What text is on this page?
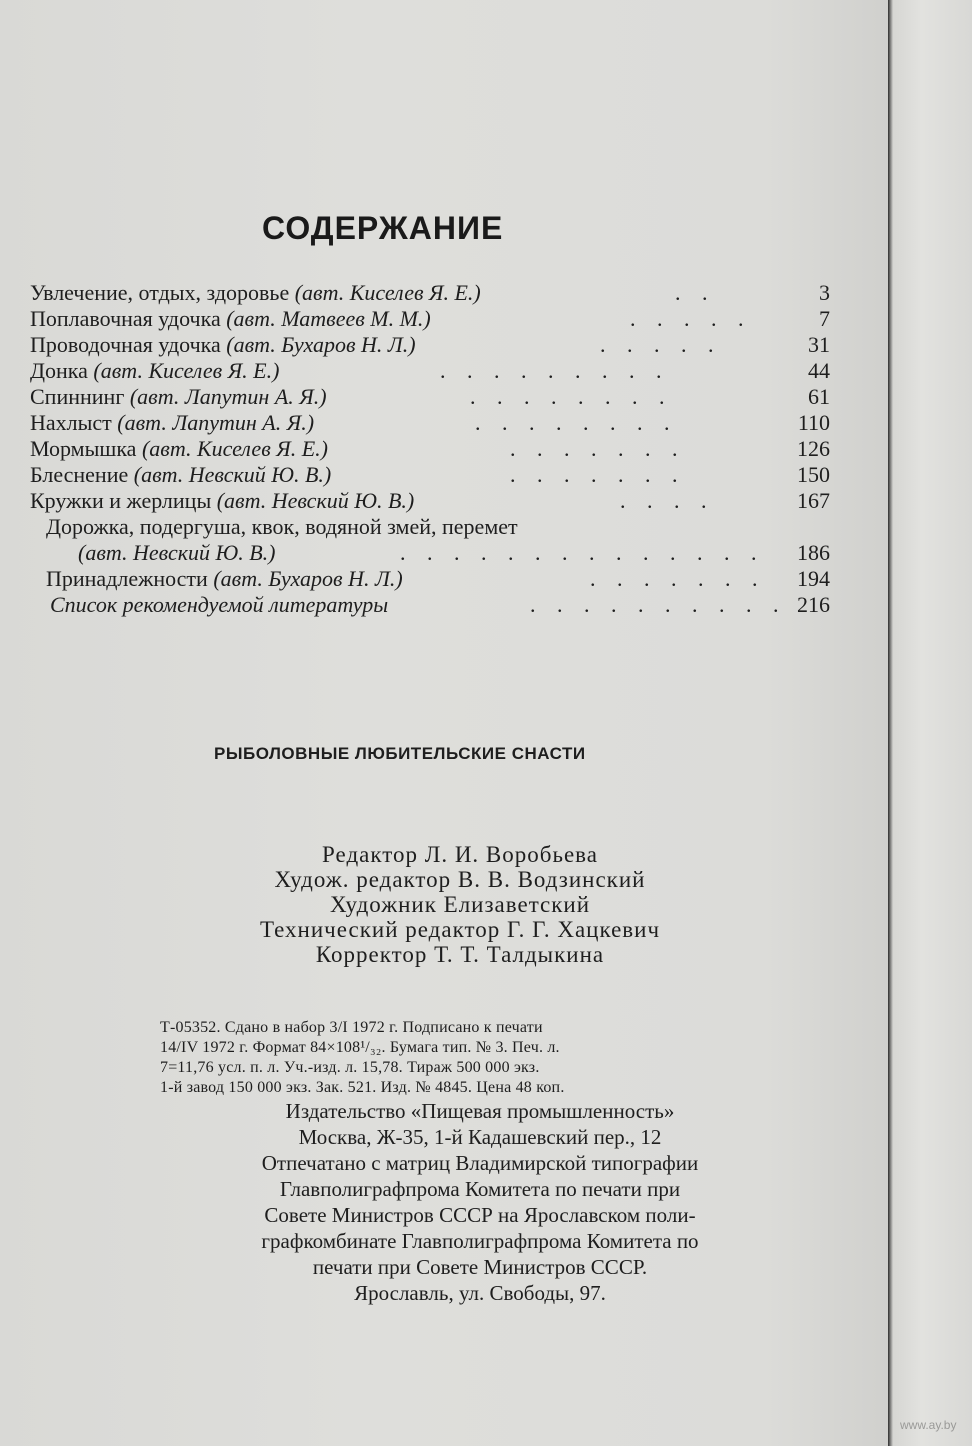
СОДЕРЖАНИЕ
Увлечение, отдых, здоровье (авт. Киселев Я. Е.)	. .	3
Поплавочная удочка (авт. Матвеев М. М.)	. . . . .	7
Проводочная удочка (авт. Бухаров Н. Л.)	. . . . .	31
Донка (авт. Киселев Я. Е.)	. . . . . . . . .	44
Спиннинг (авт. Лапутин А. Я.)	. . . . . . . .	61
Нахлыст (авт. Лапутин А. Я.)	. . . . . . . .	110
Мормышка (авт. Киселев Я. Е.)	. . . . . . .	126
Блеснение (авт. Невский Ю. В.)	. . . . . . .	150
Кружки и жерлицы (авт. Невский Ю. В.)	. . . .	167
Дорожка, подергуша, квок, водяной змей, перемет
(авт. Невский Ю. В.)	. . . . . . . . . . . . . .	186
Принадлежности (авт. Бухаров Н. Л.)	. . . . . . .	194
Список рекомендуемой литературы	. . . . . . . . . . 216
РЫБОЛОВНЫЕ ЛЮБИТЕЛЬСКИЕ СНАСТИ
Редактор Л. И. Воробьева
Худож. редактор В. В. Водзинский
Художник Елизаветский
Технический редактор Г. Г. Хацкевич
Корректор Т. Т. Талдыкина
Т-05352. Сдано в набор 3/I 1972 г. Подписано к печати
14/IV 1972 г. Формат 84×108¹/₃₂. Бумага тип. № 3. Печ. л.
7=11,76 усл. п. л. Уч.-изд. л. 15,78. Тираж 500 000 экз.
1-й завод 150 000 экз. Зак. 521. Изд. № 4845. Цена 48 коп.
Издательство «Пищевая промышленность»
Москва, Ж-35, 1-й Кадашевский пер., 12
Отпечатано с матриц Владимирской типографии
Главполиграфпрома Комитета по печати при
Совете Министров СССР на Ярославском поли-
графкомбинате Главполиграфпрома Комитета по
печати при Совете Министров СССР.
Ярославль, ул. Свободы, 97.
www.ay.by
